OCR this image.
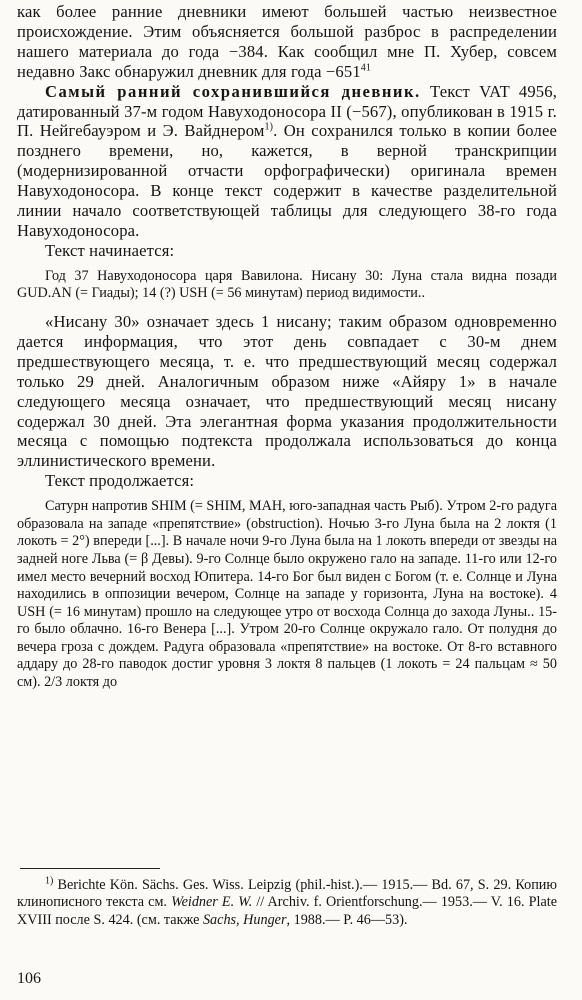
как более ранние дневники имеют большей частью неизвестное происхождение. Этим объясняется большой разброс в распределении нашего материала до года −384. Как сообщил мне П. Хубер, совсем недавно Закс обнаружил дневник для года $-651^{41}$

Самый ранний сохранившийся дневник. Текст VAT 4956, датированный 37-м годом Навуходоносора II (−567), опубликован в 1915 г. П. Нейгебауэром и Э. Вайднером$^{1)}$. Он сохранился только в копии более позднего времени, но, кажется, в верной транскрипции (модернизированной отчасти орфографически) оригинала времен Навуходоносора. В конце текст содержит в качестве разделительной линии начало соответствующей таблицы для следующего 38-го года Навуходоносора.

Текст начинается:

Год 37 Навуходоносора царя Вавилона. Нисану 30: Луна стала видна позади GUD.AN (= Гиады); 14 (?) USH (= 56 минутам) период видимости..

«Нисану 30» означает здесь 1 нисану; таким образом одновременно дается информация, что этот день совпадает с 30-м днем предшествующего месяца, т. е. что предшествующий месяц содержал только 29 дней. Аналогичным образом ниже «Айяру 1» в начале следующего месяца означает, что предшествующий месяц нисану содержал 30 дней. Эта элегантная форма указания продолжительности месяца с помощью подтекста продолжала использоваться до конца эллинистического времени.

Текст продолжается:

Сатурн напротив SHIM (= SHIM, MAH, юго-западная часть Рыб). Утром 2-го радуга образовала на западе «препятствие» (obstruction). Ночью 3-го Луна была на 2 локтя (1 локоть = 2°) впереди [...]. В начале ночи 9-го Луна была на 1 локоть впереди от звезды на задней ноге Льва (= β Девы). 9-го Солнце было окружено гало на западе. 11-го или 12-го имел место вечерний восход Юпитера. 14-го Бог был виден с Богом (т. е. Солнце и Луна находились в оппозиции вечером, Солнце на западе у горизонта, Луна на востоке). 4 USH (= 16 минутам) прошло на следующее утро от восхода Солнца до захода Луны.. 15-го было облачно. 16-го Венера [...]. Утром 20-го Солнце окружало гало. От полудня до вечера гроза с дождем. Радуга образовала «препятствие» на востоке. От 8-го вставного аддару до 28-го паводок достиг уровня 3 локтя 8 пальцев (1 локоть = 24 пальцам ≈ 50 см). 2/3 локтя до

$^{1)}$ Berichte Kön. Sächs. Ges. Wiss. Leipzig (phil.-hist.).— 1915.— Bd. 67, S. 29. Копию клинописного текста см. Weidner E. W. // Archiv. f. Orientforschung.— 1953.— V. 16. Plate XVIII после S. 424. (см. также Sachs, Hunger, 1988.— P. 46—53).

106
